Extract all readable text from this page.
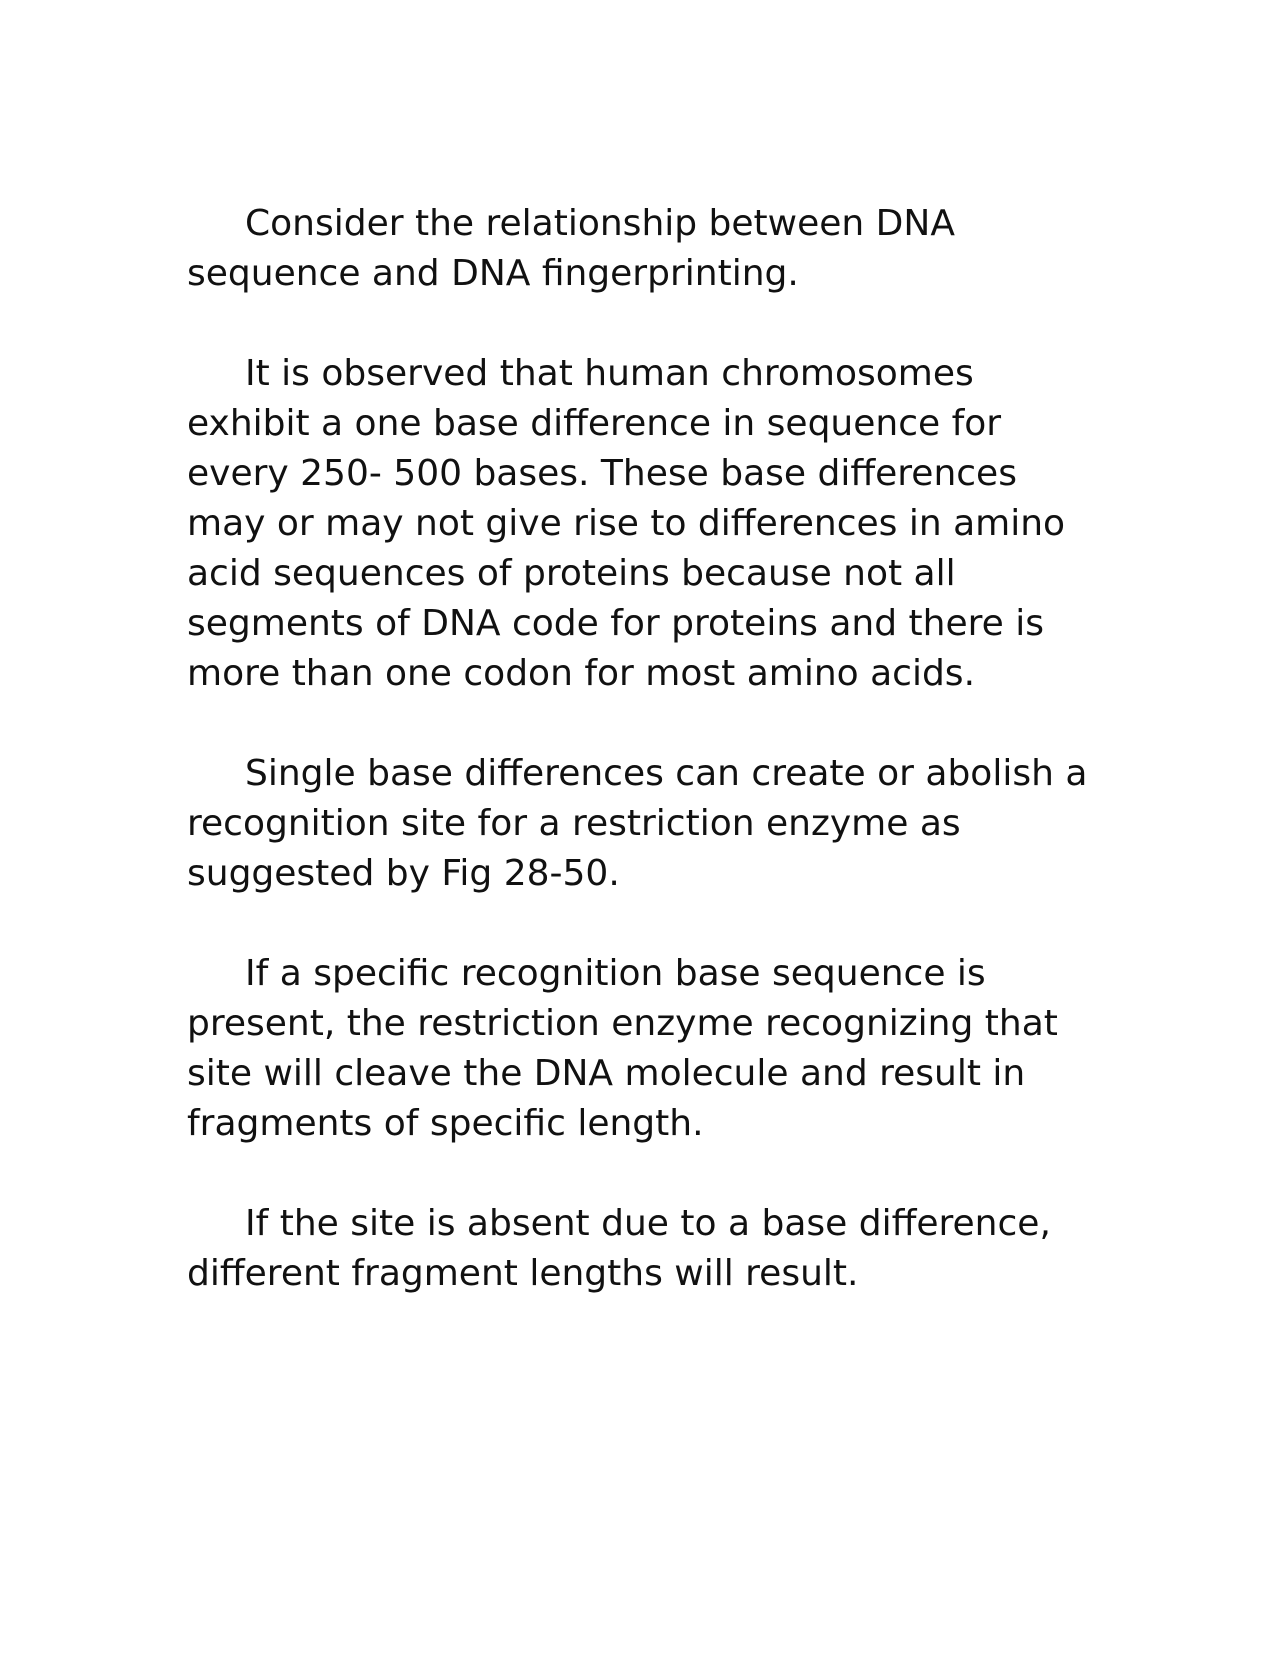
Consider the relationship between DNA
sequence and DNA fingerprinting.

It is observed that human chromosomes
exhibit a one base difference in sequence for
every 250- 500 bases. These base differences
may or may not give rise to differences in amino
acid sequences of proteins because not all
segments of DNA code for proteins and there is
more than one codon for most amino acids.

Single base differences can create or abolish a
recognition site for a restriction enzyme as
suggested by Fig 28-50.

If a specific recognition base sequence is
present, the restriction enzyme recognizing that
site will cleave the DNA molecule and result in
fragments of specific length.

If the site is absent due to a base difference,
different fragment lengths will result.
